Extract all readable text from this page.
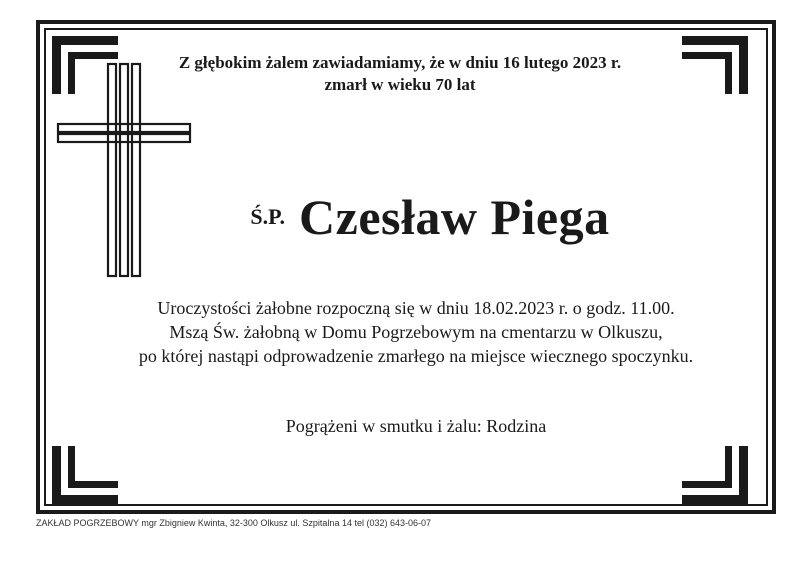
Z głębokim żalem zawiadamiamy, że w dniu 16 lutego 2023 r.
zmarł w wieku 70 lat
Ś.P. Czesław Piega
Uroczystości żałobne rozpoczną się w dniu 18.02.2023 r. o godz. 11.00.
Mszą Św. żałobną w Domu Pogrzebowym na cmentarzu w Olkuszu,
po której nastąpi odprowadzenie zmarłego na miejsce wiecznego spoczynku.
Pogrążeni w smutku i żalu: Rodzina
ZAKŁAD POGRZEBOWY mgr Zbigniew Kwinta, 32-300 Olkusz ul. Szpitalna 14 tel (032) 643-06-07
